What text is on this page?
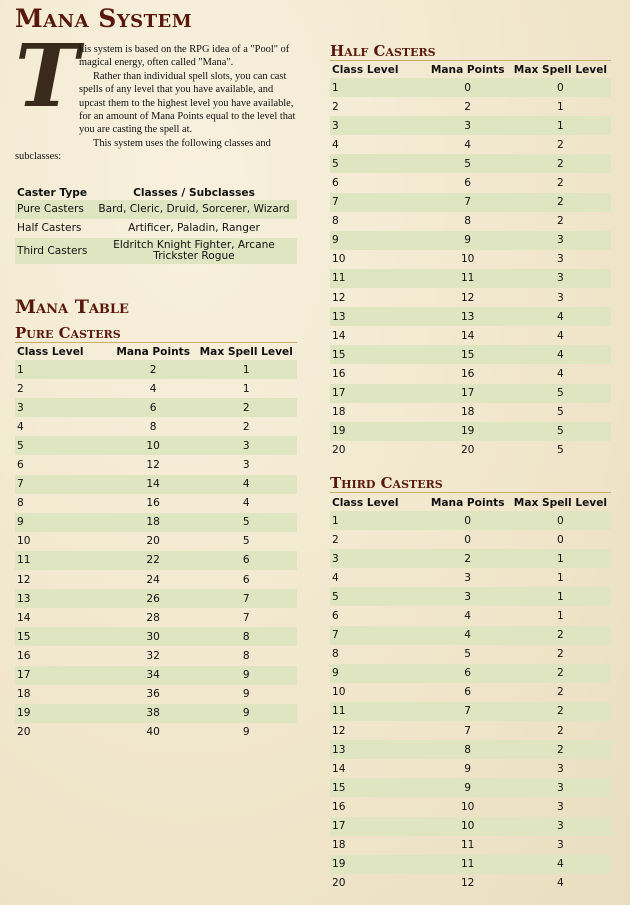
Mana System
T his system is based on the RPG idea of a "Pool" of magical energy, often called "Mana".

Rather than individual spell slots, you can cast spells of any level that you have available, and upcast them to the highest level you have available, for an amount of Mana Points equal to the level that you are casting the spell at.

This system uses the following classes and subclasses:

Caster Type	Classes / Subclasses
Pure Casters	Bard, Cleric, Druid, Sorcerer, Wizard
Half Casters	Artificer, Paladin, Ranger
Third Casters	Eldritch Knight Fighter, Arcane Trickster Rogue
Mana Table
Pure Casters
Class Level	Mana Points	Max Spell Level
1	2	1
2	4	1
3	6	2
4	8	2
5	10	3
6	12	3
7	14	4
8	16	4
9	18	5
10	20	5
11	22	6
12	24	6
13	26	7
14	28	7
15	30	8
16	32	8
17	34	9
18	36	9
19	38	9
20	40	9
Half Casters
Class Level	Mana Points	Max Spell Level
1	0	0
2	2	1
3	3	1
4	4	2
5	5	2
6	6	2
7	7	2
8	8	2
9	9	3
10	10	3
11	11	3
12	12	3
13	13	4
14	14	4
15	15	4
16	16	4
17	17	5
18	18	5
19	19	5
20	20	5
Third Casters
Class Level	Mana Points	Max Spell Level
1	0	0
2	0	0
3	2	1
4	3	1
5	3	1
6	4	1
7	4	2
8	5	2
9	6	2
10	6	2
11	7	2
12	7	2
13	8	2
14	9	3
15	9	3
16	10	3
17	10	3
18	11	3
19	11	4
20	12	4
